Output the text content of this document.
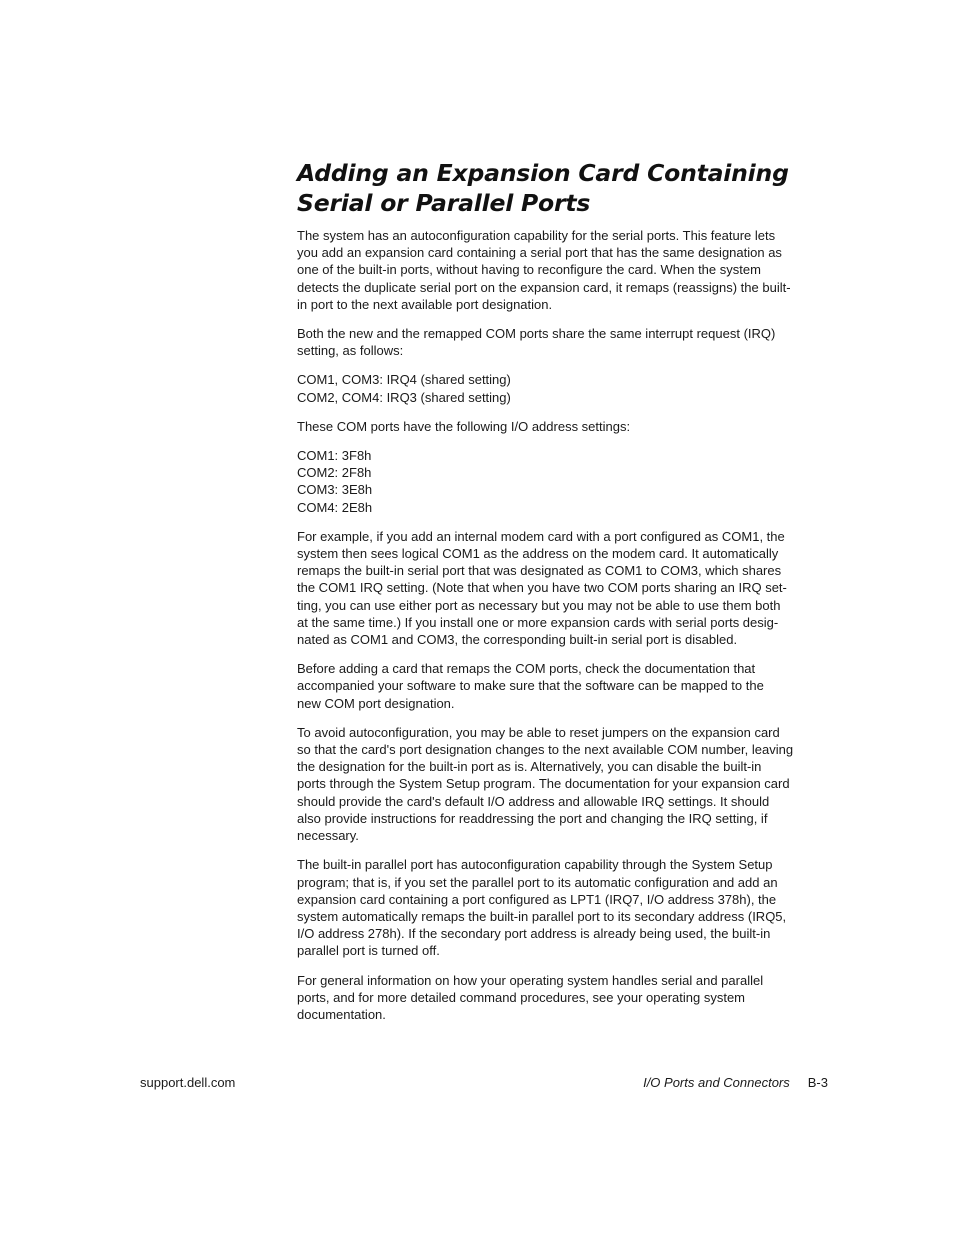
Adding an Expansion Card Containing
Serial or Parallel Ports

The system has an autoconfiguration capability for the serial ports. This feature lets
you add an expansion card containing a serial port that has the same designation as
one of the built-in ports, without having to reconfigure the card. When the system
detects the duplicate serial port on the expansion card, it remaps (reassigns) the built-
in port to the next available port designation.

Both the new and the remapped COM ports share the same interrupt request (IRQ)
setting, as follows:

COM1, COM3: IRQ4 (shared setting)
COM2, COM4: IRQ3 (shared setting)

These COM ports have the following I/O address settings:

COM1: 3F8h
COM2: 2F8h
COM3: 3E8h
COM4: 2E8h

For example, if you add an internal modem card with a port configured as COM1, the
system then sees logical COM1 as the address on the modem card. It automatically
remaps the built-in serial port that was designated as COM1 to COM3, which shares
the COM1 IRQ setting. (Note that when you have two COM ports sharing an IRQ set-
ting, you can use either port as necessary but you may not be able to use them both
at the same time.) If you install one or more expansion cards with serial ports desig-
nated as COM1 and COM3, the corresponding built-in serial port is disabled.

Before adding a card that remaps the COM ports, check the documentation that
accompanied your software to make sure that the software can be mapped to the
new COM port designation.

To avoid autoconfiguration, you may be able to reset jumpers on the expansion card
so that the card's port designation changes to the next available COM number, leaving
the designation for the built-in port as is. Alternatively, you can disable the built-in
ports through the System Setup program. The documentation for your expansion card
should provide the card's default I/O address and allowable IRQ settings. It should
also provide instructions for readdressing the port and changing the IRQ setting, if
necessary.

The built-in parallel port has autoconfiguration capability through the System Setup
program; that is, if you set the parallel port to its automatic configuration and add an
expansion card containing a port configured as LPT1 (IRQ7, I/O address 378h), the
system automatically remaps the built-in parallel port to its secondary address (IRQ5,
I/O address 278h). If the secondary port address is already being used, the built-in
parallel port is turned off.

For general information on how your operating system handles serial and parallel
ports, and for more detailed command procedures, see your operating system
documentation.

support.dell.com	I/O Ports and Connectors B-3
